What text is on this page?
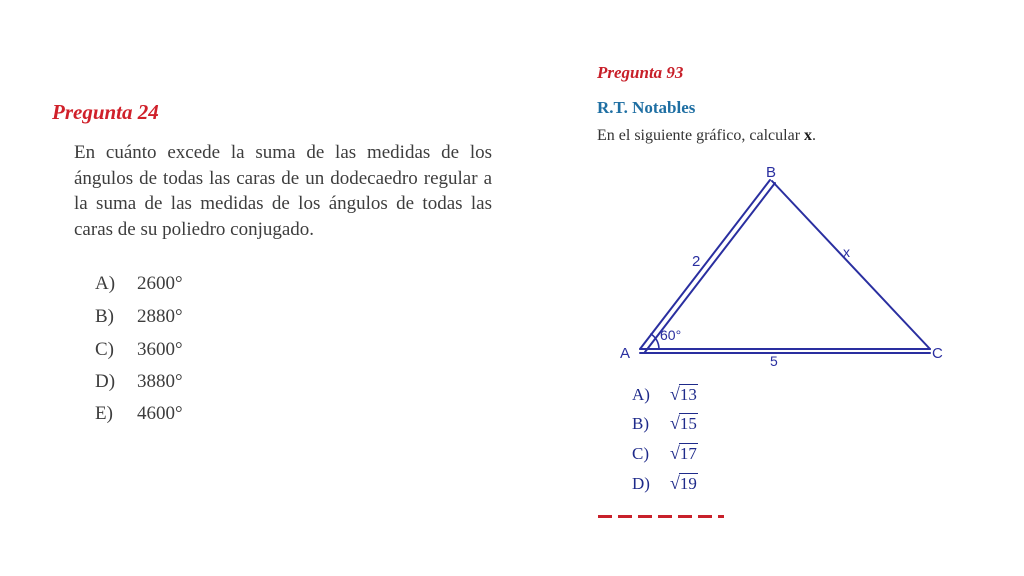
Pregunta 24
En cuánto excede la suma de las medidas de los ángulos de todas las caras de un dodecaedro regular a la suma de las medidas de los ángulos de todas las caras de su poliedro conjugado.
A) 2600°
B) 2880°
C) 3600°
D) 3880°
E) 4600°
Pregunta 93
R.T. Notables
En el siguiente gráfico, calcular x.
A
B
C
2
x
5
60°
A) √13
B) √15
C) √17
D) √19
